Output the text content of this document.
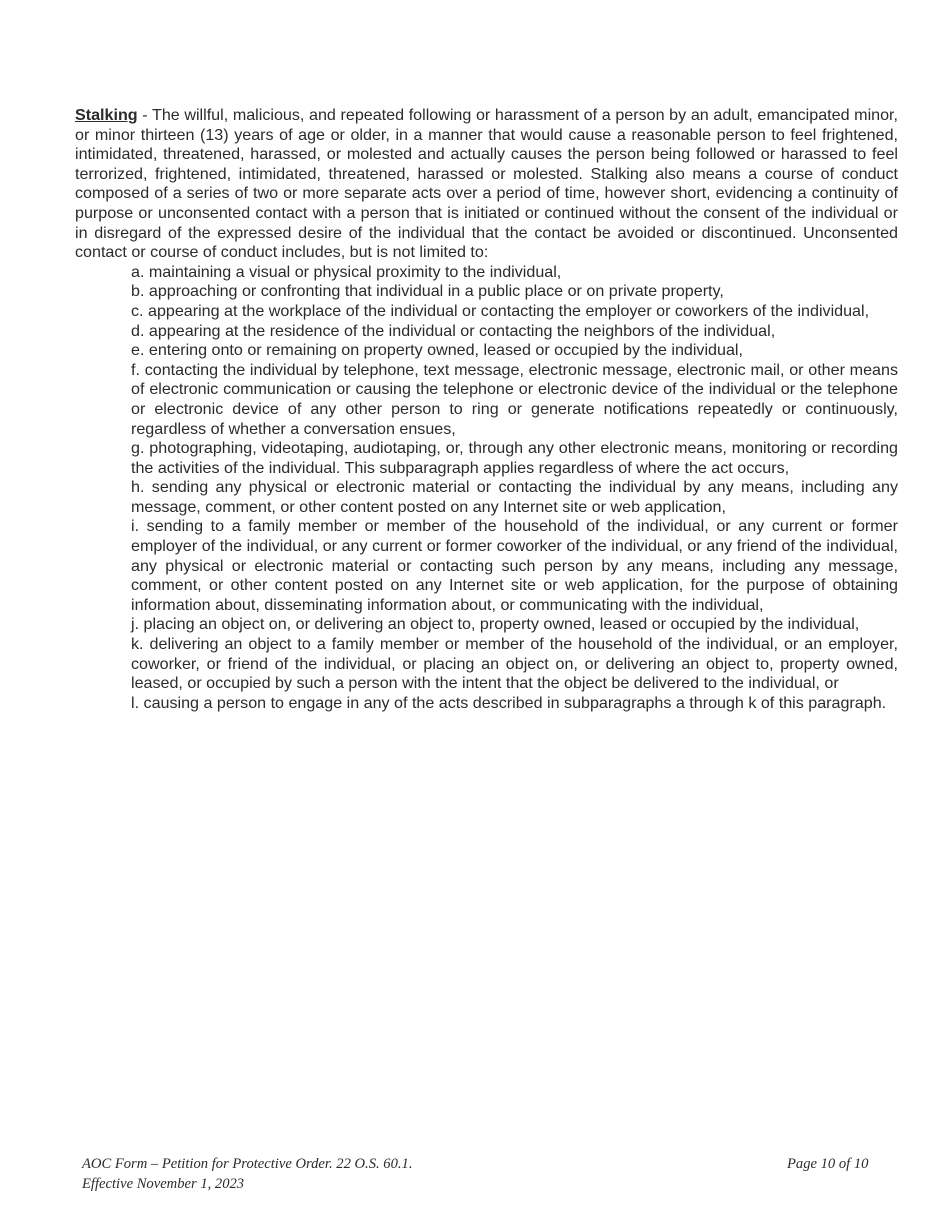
Stalking - The willful, malicious, and repeated following or harassment of a person by an adult, emancipated minor, or minor thirteen (13) years of age or older, in a manner that would cause a reasonable person to feel frightened, intimidated, threatened, harassed, or molested and actually causes the person being followed or harassed to feel terrorized, frightened, intimidated, threatened, harassed or molested. Stalking also means a course of conduct composed of a series of two or more separate acts over a period of time, however short, evidencing a continuity of purpose or unconsented contact with a person that is initiated or continued without the consent of the individual or in disregard of the expressed desire of the individual that the contact be avoided or discontinued. Unconsented contact or course of conduct includes, but is not limited to:

a. maintaining a visual or physical proximity to the individual,
b. approaching or confronting that individual in a public place or on private property,
c. appearing at the workplace of the individual or contacting the employer or coworkers of the individual,
d. appearing at the residence of the individual or contacting the neighbors of the individual,
e. entering onto or remaining on property owned, leased or occupied by the individual,
f. contacting the individual by telephone, text message, electronic message, electronic mail, or other means of electronic communication or causing the telephone or electronic device of the individual or the telephone or electronic device of any other person to ring or generate notifications repeatedly or continuously, regardless of whether a conversation ensues,
g. photographing, videotaping, audiotaping, or, through any other electronic means, monitoring or recording the activities of the individual. This subparagraph applies regardless of where the act occurs,
h. sending any physical or electronic material or contacting the individual by any means, including any message, comment, or other content posted on any Internet site or web application,
i. sending to a family member or member of the household of the individual, or any current or former employer of the individual, or any current or former coworker of the individual, or any friend of the individual, any physical or electronic material or contacting such person by any means, including any message, comment, or other content posted on any Internet site or web application, for the purpose of obtaining information about, disseminating information about, or communicating with the individual,
j. placing an object on, or delivering an object to, property owned, leased or occupied by the individual,
k. delivering an object to a family member or member of the household of the individual, or an employer, coworker, or friend of the individual, or placing an object on, or delivering an object to, property owned, leased, or occupied by such a person with the intent that the object be delivered to the individual, or
l. causing a person to engage in any of the acts described in subparagraphs a through k of this paragraph.
AOC Form – Petition for Protective Order. 22 O.S. 60.1.
Effective November 1, 2023
Page 10 of 10
